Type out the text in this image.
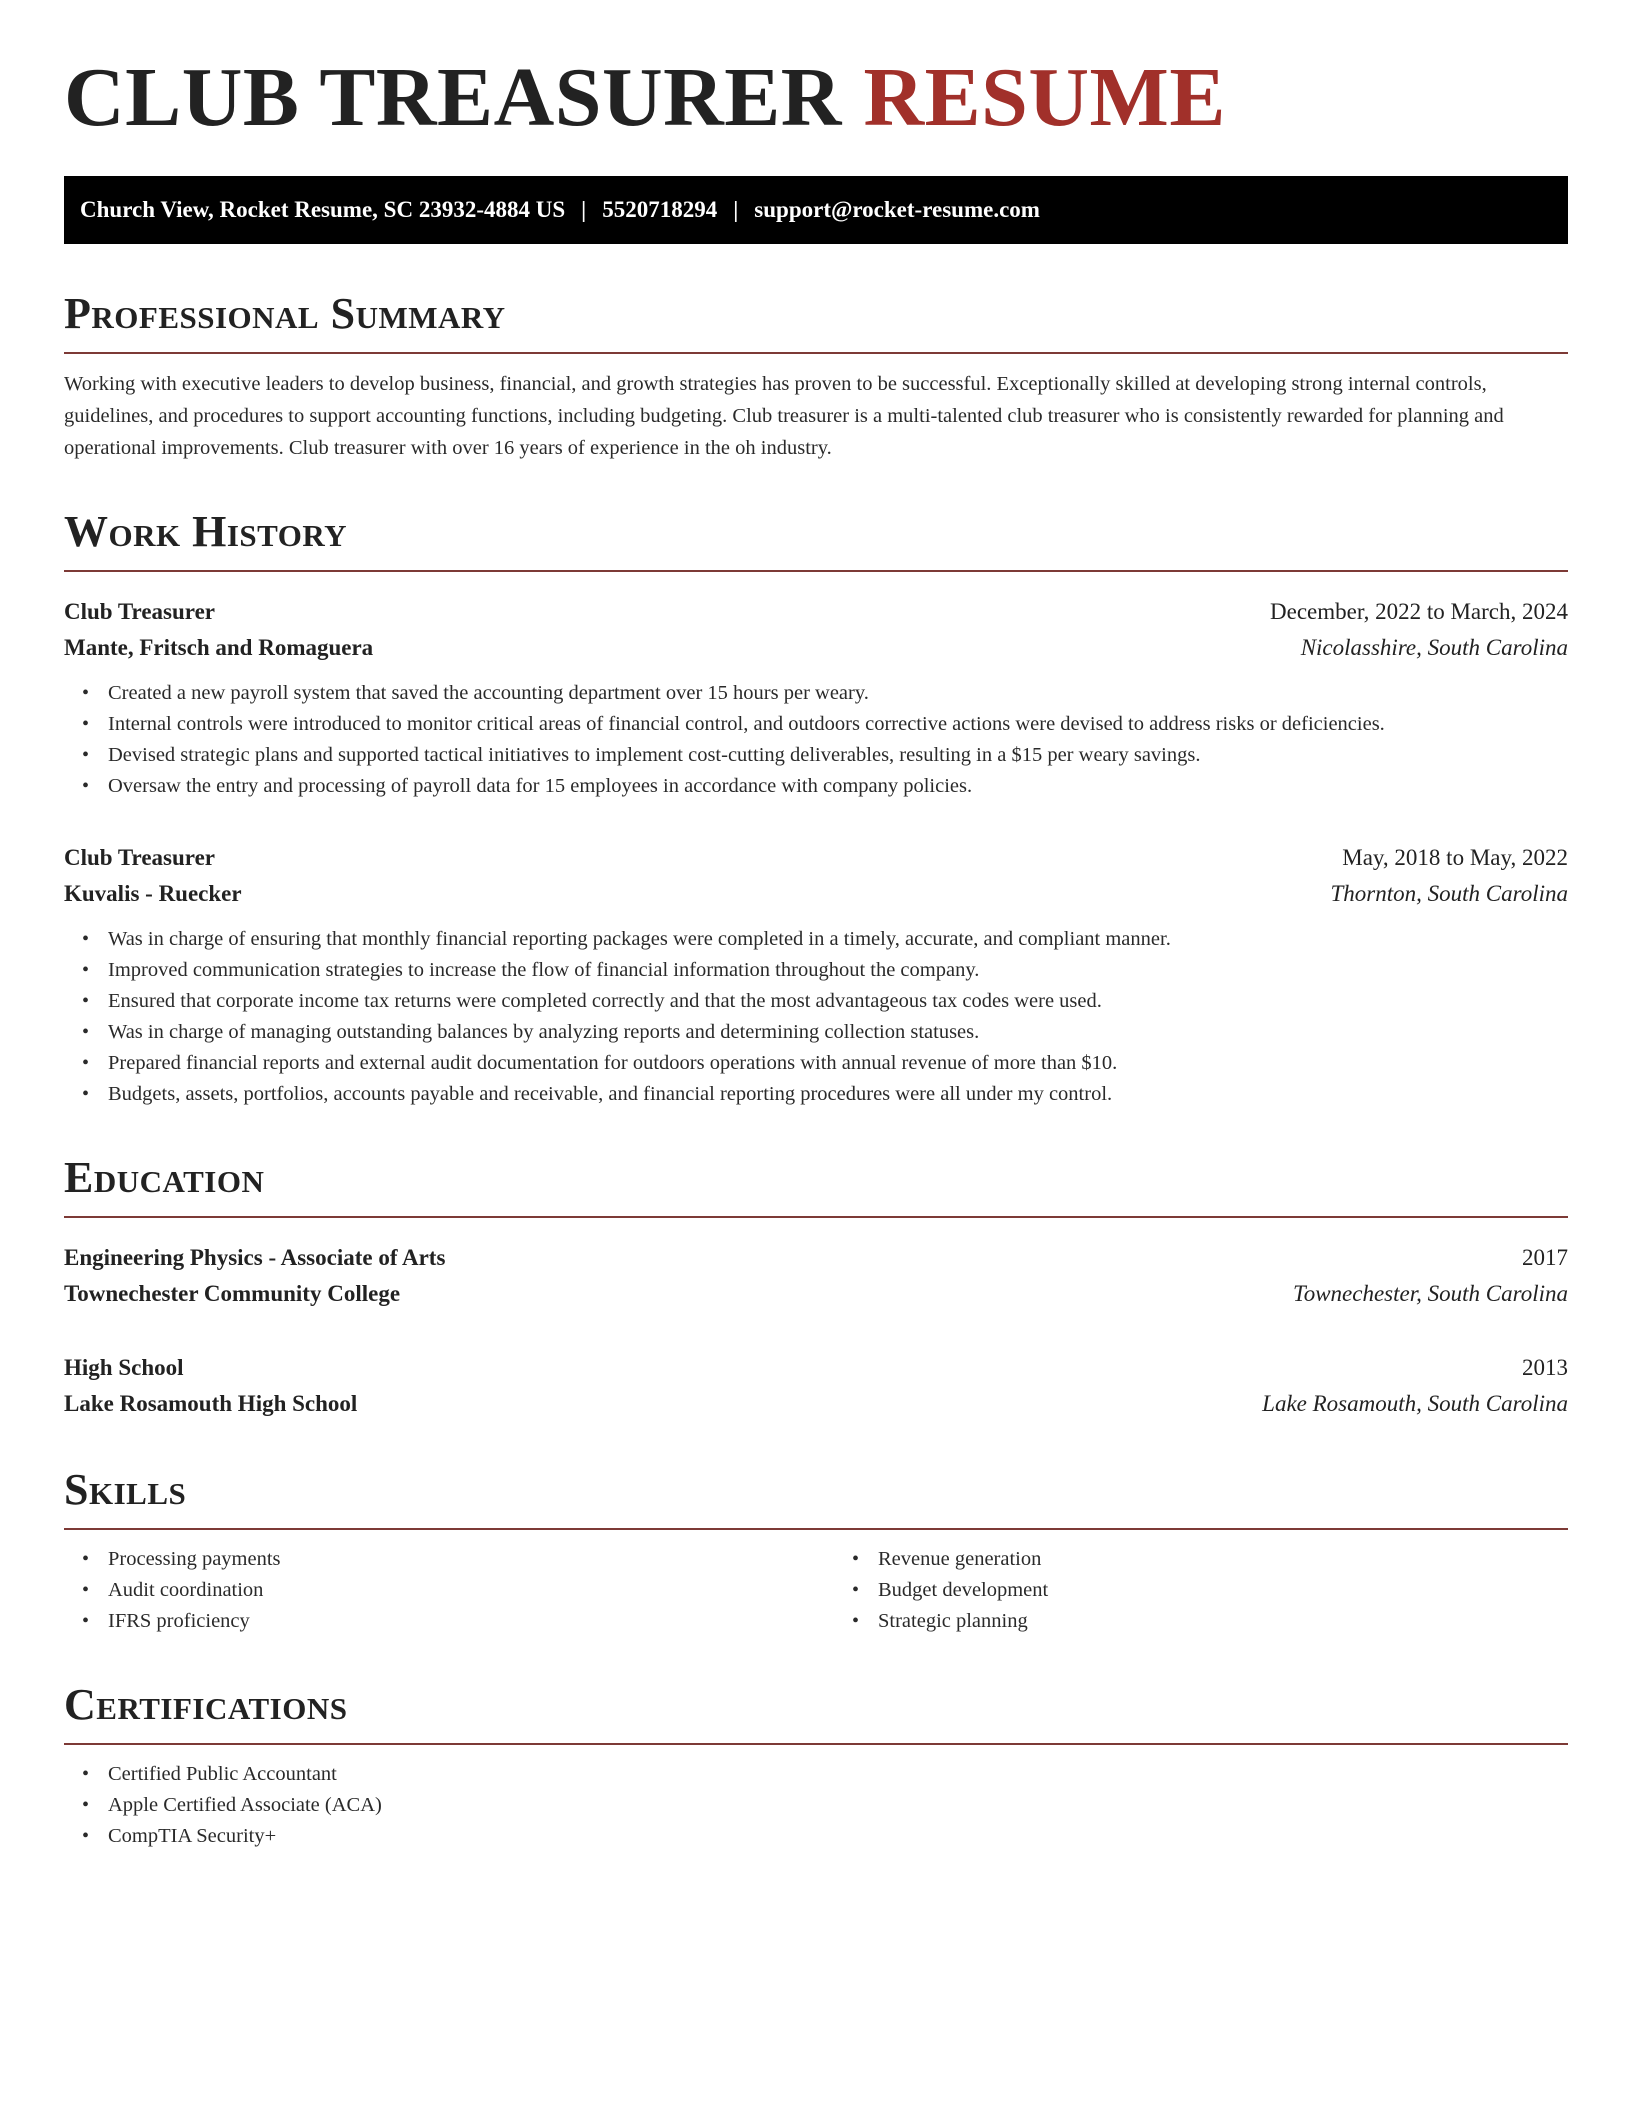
CLUB TREASURER RESUME
Church View, Rocket Resume, SC 23932-4884 US | 5520718294 | support@rocket-resume.com
Professional Summary

Working with executive leaders to develop business, financial, and growth strategies has proven to be successful. Exceptionally skilled at developing strong internal controls, guidelines, and procedures to support accounting functions, including budgeting. Club treasurer is a multi-talented club treasurer who is consistently rewarded for planning and operational improvements. Club treasurer with over 16 years of experience in the oh industry.

Work History
Club Treasurer	December, 2022 to March, 2024
Mante, Fritsch and Romaguera	Nicolasshire, South Carolina
• Created a new payroll system that saved the accounting department over 15 hours per weary.
• Internal controls were introduced to monitor critical areas of financial control, and outdoors corrective actions were devised to address risks or deficiencies.
• Devised strategic plans and supported tactical initiatives to implement cost-cutting deliverables, resulting in a $15 per weary savings.
• Oversaw the entry and processing of payroll data for 15 employees in accordance with company policies.
Club Treasurer	May, 2018 to May, 2022
Kuvalis - Ruecker	Thornton, South Carolina
• Was in charge of ensuring that monthly financial reporting packages were completed in a timely, accurate, and compliant manner.
• Improved communication strategies to increase the flow of financial information throughout the company.
• Ensured that corporate income tax returns were completed correctly and that the most advantageous tax codes were used.
• Was in charge of managing outstanding balances by analyzing reports and determining collection statuses.
• Prepared financial reports and external audit documentation for outdoors operations with annual revenue of more than $10.
• Budgets, assets, portfolios, accounts payable and receivable, and financial reporting procedures were all under my control.
Education
Engineering Physics - Associate of Arts	2017
Townechester Community College	Townechester, South Carolina
High School	2013
Lake Rosamouth High School	Lake Rosamouth, South Carolina
Skills
• Processing payments
• Audit coordination
• IFRS proficiency
• Revenue generation
• Budget development
• Strategic planning
Certifications
• Certified Public Accountant
• Apple Certified Associate (ACA)
• CompTIA Security+
